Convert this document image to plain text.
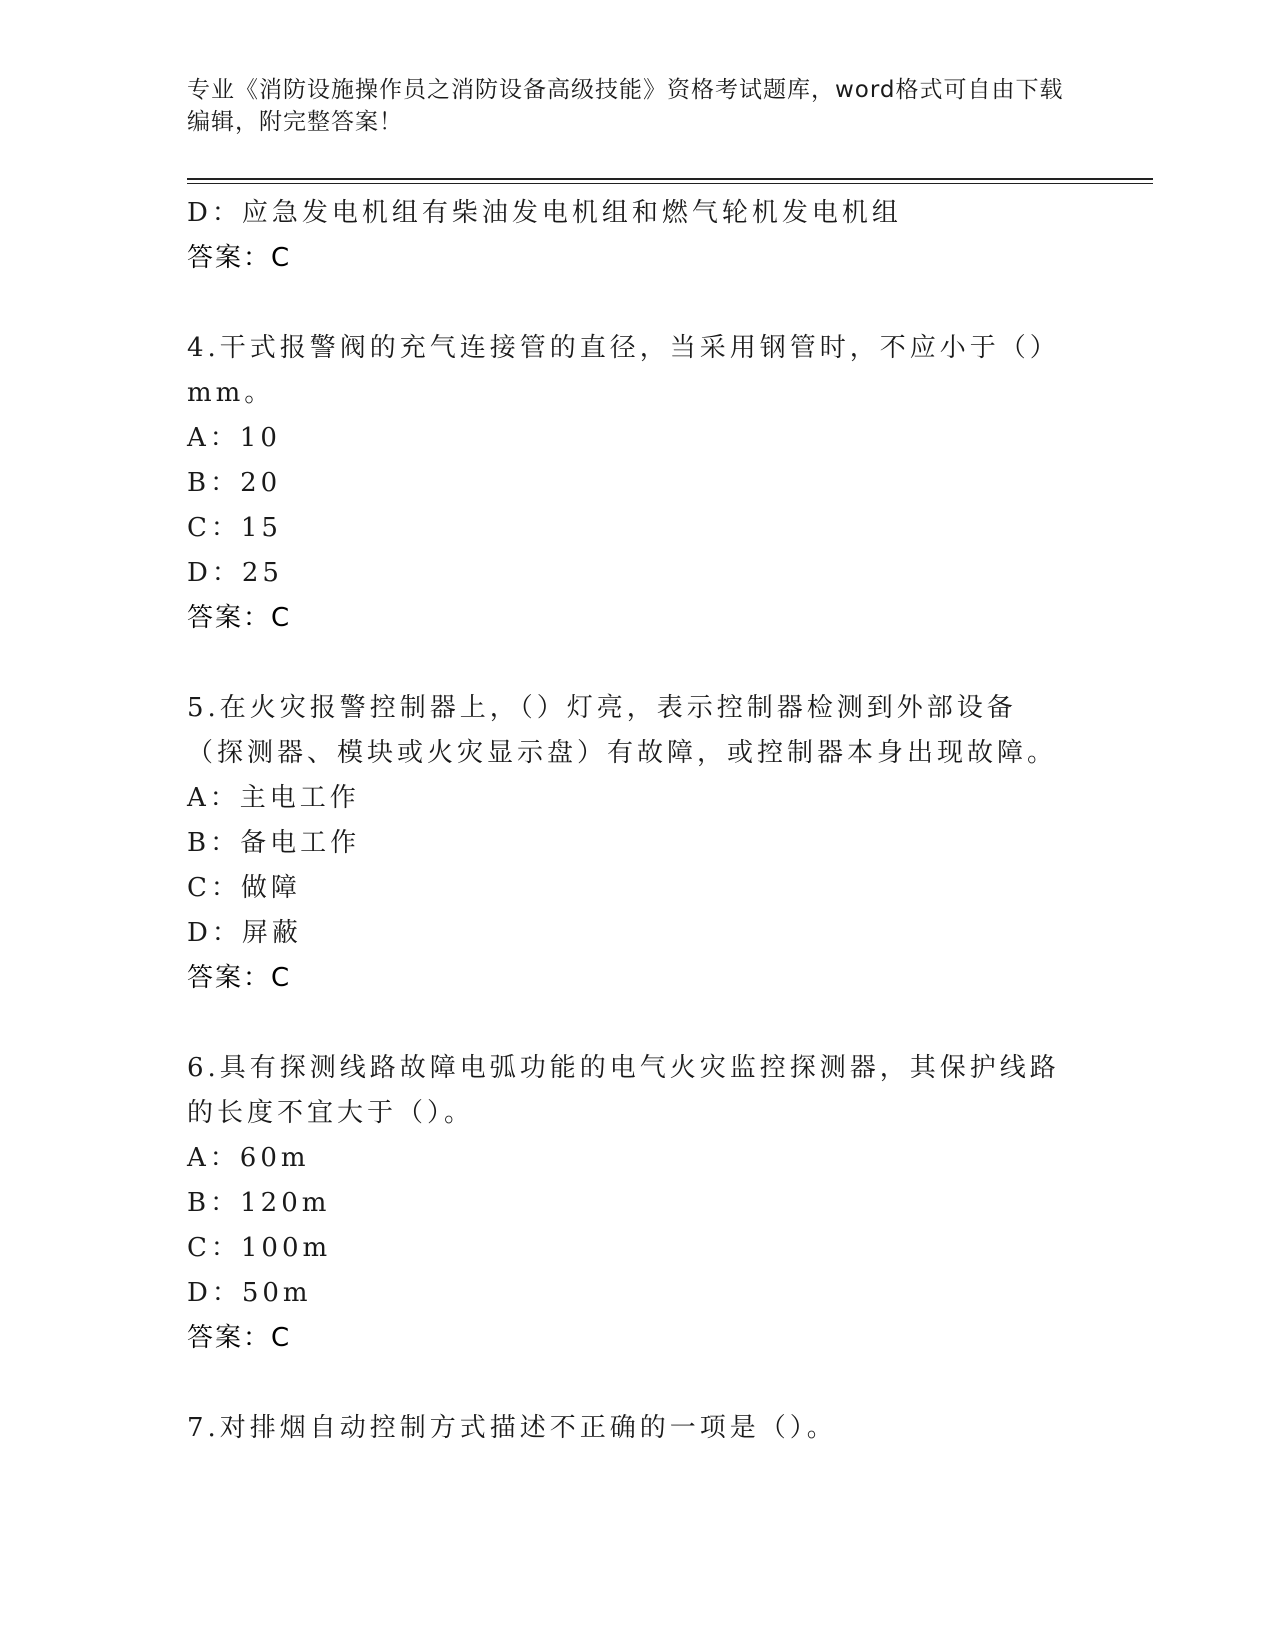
专业《消防设施操作员之消防设备高级技能》资格考试题库，word格式可自由下载编辑，附完整答案！
D：应急发电机组有柴油发电机组和燃气轮机发电机组
答案：C
4.干式报警阀的充气连接管的直径，当采用钢管时，不应小于（）mm。
A：10
B：20
C：15
D：25
答案：C
5.在火灾报警控制器上，（）灯亮，表示控制器检测到外部设备（探测器、模块或火灾显示盘）有故障，或控制器本身出现故障。
A：主电工作
B：备电工作
C：做障
D：屏蔽
答案：C
6.具有探测线路故障电弧功能的电气火灾监控探测器，其保护线路的长度不宜大于（）。
A：60m
B：120m
C：100m
D：50m
答案：C
7.对排烟自动控制方式描述不正确的一项是（）。
